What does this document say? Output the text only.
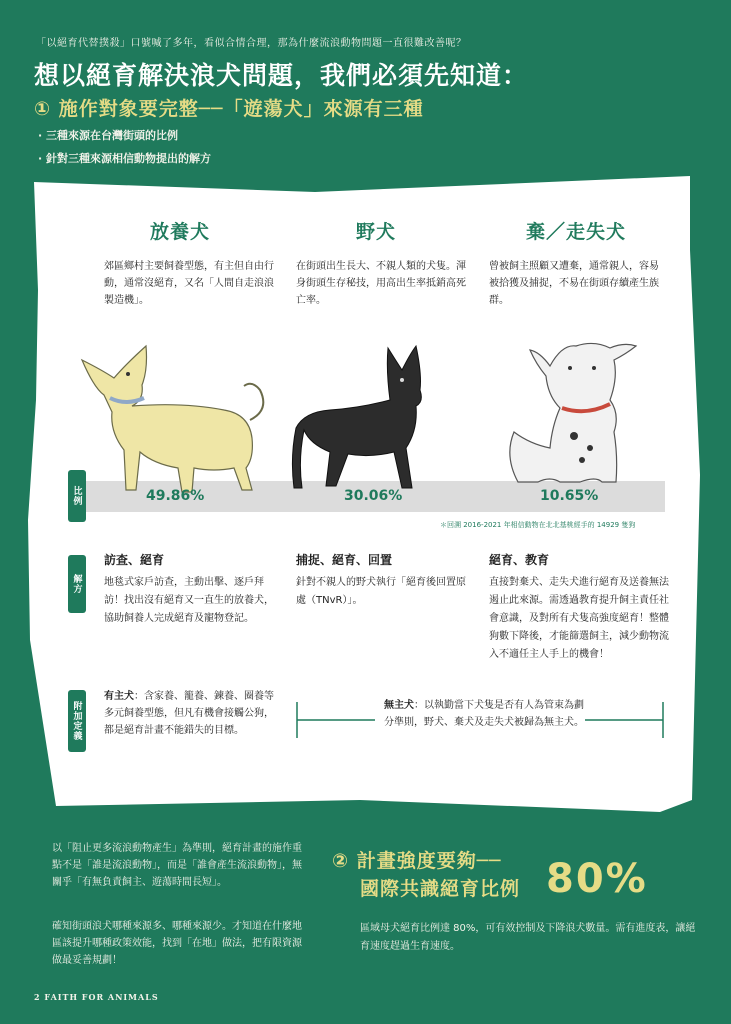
「以絕育代替撲殺」口號喊了多年，看似合情合理，那為什麼流浪動物問題一直很難改善呢？
想以絕育解決浪犬問題，我們必須先知道：
① 施作對象要完整──「遊蕩犬」來源有三種
· 三種來源在台灣街頭的比例
· 針對三種來源相信動物提出的解方
放養犬	野犬	棄／走失犬
郊區鄉村主要飼養型態，有主但自由行動，通常沒絕育，又名「人間自走浪浪製造機」。
在街頭出生長大、不親人類的犬隻。渾身街頭生存秘技，用高出生率抵銷高死亡率。
曾被飼主照顧又遭棄，通常親人，容易被拾獲及捕捉，不易在街頭存續產生族群。
比例	49.86%	30.06%	10.65%
＊回溯 2016-2021 年相信動物在北北基桃經手的 14929 隻狗
解方
訪查、絕育
地毯式家戶訪查，主動出擊、逐戶拜訪！找出沒有絕育又一直生的放養犬，協助飼養人完成絕育及寵物登記。
捕捉、絕育、回置
針對不親人的野犬執行「絕育後回置原處（TNvR）」。
絕育、教育
直接對棄犬、走失犬進行絕育及送養無法遏止此來源。需透過教育提升飼主責任社會意識，及對所有犬隻高強度絕育！整體狗數下降後，才能篩選飼主，減少動物流入不適任主人手上的機會！
附加定義
有主犬：含家養、籠養、鍊養、圈養等多元飼養型態，但凡有機會接觸公狗，都是絕育計畫不能錯失的目標。
無主犬：以執勤當下犬隻是否有人為管束為劃分準則，野犬、棄犬及走失犬被歸為無主犬。
以「阻止更多流浪動物產生」為準則，絕育計畫的施作重點不是「誰是流浪動物」，而是「誰會產生流浪動物」，無關乎「有無負責飼主、遊蕩時間長短」。
確知街頭浪犬哪種來源多、哪種來源少。才知道在什麼地區該提升哪種政策效能，找到「在地」做法，把有限資源做最妥善規劃！
② 計畫強度要夠──
國際共識絕育比例 80%
區域母犬絕育比例達 80%，可有效控制及下降浪犬數量。需有進度表，讓絕育速度趕過生育速度。
2 FAITH FOR ANIMALS
